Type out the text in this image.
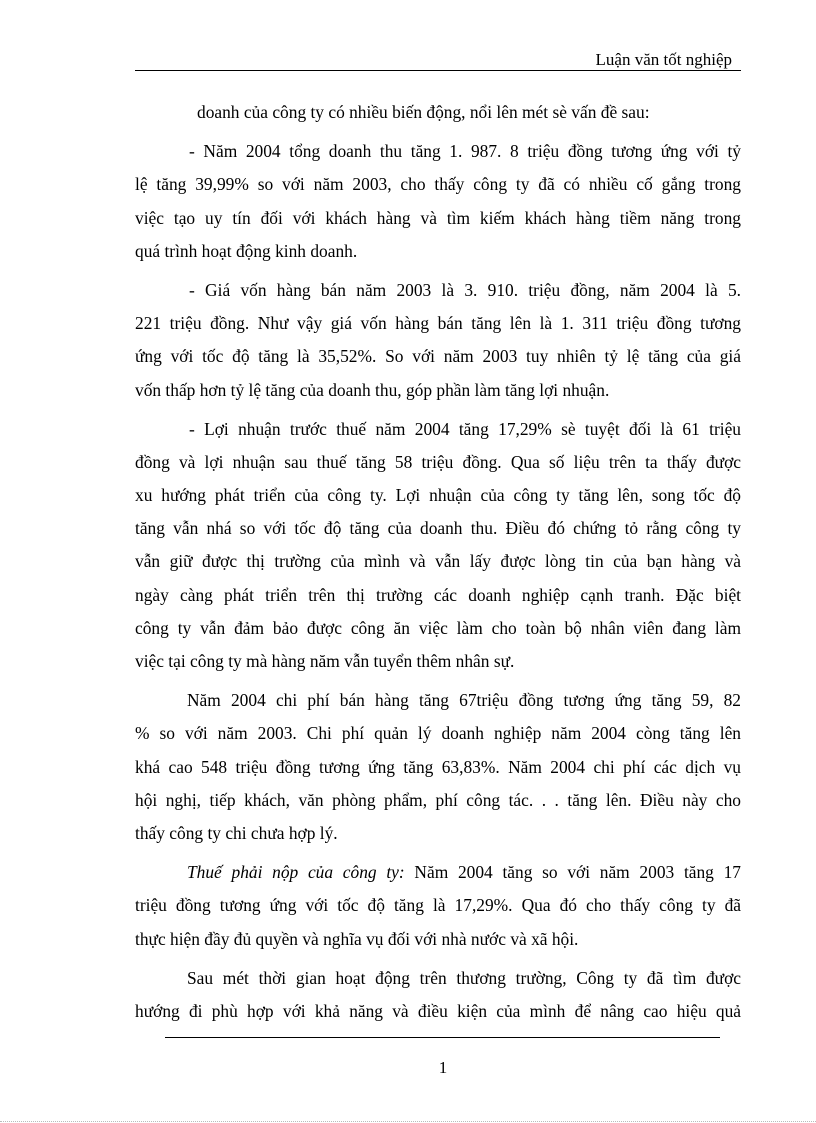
Luận văn tốt nghiệp
doanh của công ty có nhiều biến động, nổi lên mét sè vấn đề sau:
- Năm 2004 tổng doanh thu tăng 1. 987. 8 triệu đồng tương ứng với tỷ
lệ tăng 39,99% so với năm 2003, cho thấy công ty đã có nhiều cố gắng trong
việc tạo uy tín đối với khách hàng và tìm kiếm khách hàng tiềm năng trong
quá trình hoạt động kinh doanh.
- Giá vốn hàng bán năm 2003 là 3. 910. triệu đồng, năm 2004 là 5.
221 triệu đồng. Như vậy giá vốn hàng bán tăng lên là 1. 311 triệu đồng tương
ứng với tốc độ tăng là 35,52%. So với năm 2003 tuy nhiên tỷ lệ tăng của giá
vốn thấp hơn tỷ lệ tăng của doanh thu, góp phần làm tăng lợi nhuận.
- Lợi nhuận trước thuế năm 2004 tăng 17,29% sè tuyệt đối là 61 triệu
đồng và lợi nhuận sau thuế tăng 58 triệu đồng. Qua số liệu trên ta thấy được
xu hướng phát triển của công ty. Lợi nhuận của công ty tăng lên, song tốc độ
tăng vẫn nhá so với tốc độ tăng của doanh thu. Điều đó chứng tỏ rằng công ty
vẫn giữ được thị trường của mình và vẫn lấy được lòng tin của bạn hàng và
ngày càng phát triển trên thị trường các doanh nghiệp cạnh tranh. Đặc biệt
công ty vẫn đảm bảo được công ăn việc làm cho toàn bộ nhân viên đang làm
việc tại công ty mà hàng năm vẫn tuyển thêm nhân sự.
Năm 2004 chi phí bán hàng tăng 67triệu đồng tương ứng tăng 59, 82
% so với năm 2003. Chi phí quản lý doanh nghiệp năm 2004 còng tăng lên
khá cao 548 triệu đồng tương ứng tăng 63,83%. Năm 2004 chi phí các dịch vụ
hội nghị, tiếp khách, văn phòng phẩm, phí công tác. . . tăng lên. Điều này cho
thấy công ty chi chưa hợp lý.
Thuế phải nộp của công ty: Năm 2004 tăng so với năm 2003 tăng 17
triệu đồng tương ứng với tốc độ tăng là 17,29%. Qua đó cho thấy công ty đã
thực hiện đầy đủ quyền và nghĩa vụ đối với nhà nước và xã hội.
Sau mét thời gian hoạt động trên thương trường, Công ty đã tìm được
hướng đi phù hợp với khả năng và điều kiện của mình để nâng cao hiệu quả
1
